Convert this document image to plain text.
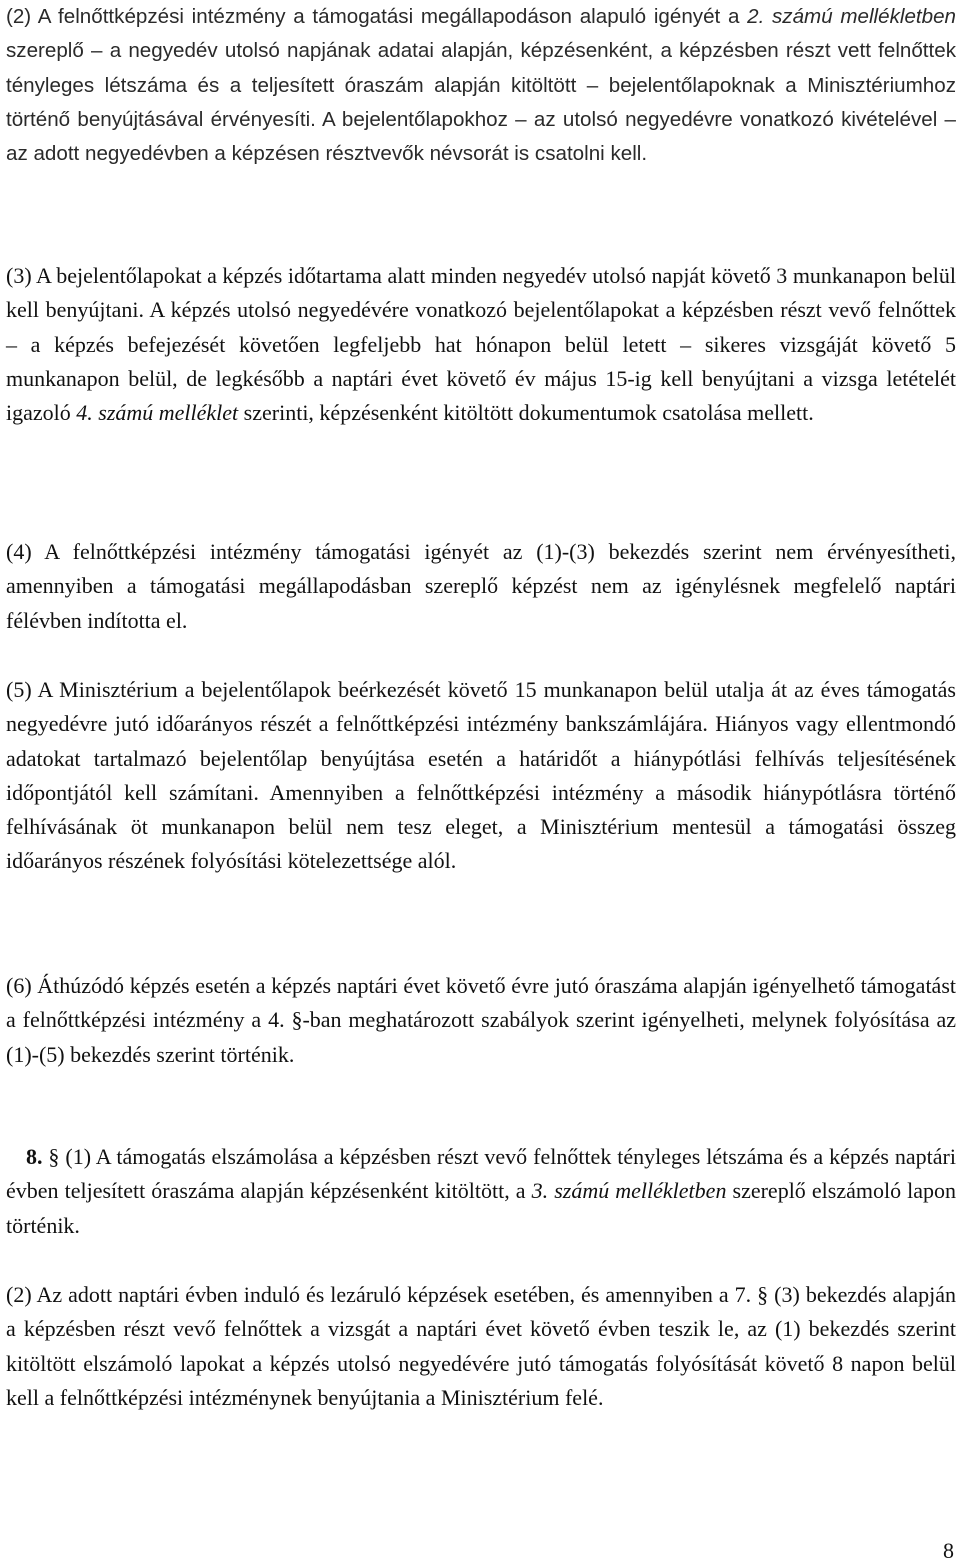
(2) A felnőttképzési intézmény a támogatási megállapodáson alapuló igényét a 2. számú mellékletben szereplő – a negyedév utolsó napjának adatai alapján, képzésenként, a képzésben részt vett felnőttek tényleges létszáma és a teljesített óraszám alapján kitöltött – bejelentőlapoknak a Minisztériumhoz történő benyújtásával érvényesíti. A bejelentőlapokhoz – az utolsó negyedévre vonatkozó kivételével – az adott negyedévben a képzésen résztvevők névsorát is csatolni kell.

(3) A bejelentőlapokat a képzés időtartama alatt minden negyedév utolsó napját követő 3 munkanapon belül kell benyújtani. A képzés utolsó negyedévére vonatkozó bejelentőlapokat a képzésben részt vevő felnőttek – a képzés befejezését követően legfeljebb hat hónapon belül letett – sikeres vizsgáját követő 5 munkanapon belül, de legkésőbb a naptári évet követő év május 15-ig kell benyújtani a vizsga letételét igazoló 4. számú melléklet szerinti, képzésenként kitöltött dokumentumok csatolása mellett.

(4) A felnőttképzési intézmény támogatási igényét az (1)-(3) bekezdés szerint nem érvényesítheti, amennyiben a támogatási megállapodásban szereplő képzést nem az igénylésnek megfelelő naptári félévben indította el.

(5) A Minisztérium a bejelentőlapok beérkezését követő 15 munkanapon belül utalja át az éves támogatás negyedévre jutó időarányos részét a felnőttképzési intézmény bankszámlájára. Hiányos vagy ellentmondó adatokat tartalmazó bejelentőlap benyújtása esetén a határidőt a hiánypótlási felhívás teljesítésének időpontjától kell számítani. Amennyiben a felnőttképzési intézmény a második hiánypótlásra történő felhívásának öt munkanapon belül nem tesz eleget, a Minisztérium mentesül a támogatási összeg időarányos részének folyósítási kötelezettsége alól.

(6) Áthúzódó képzés esetén a képzés naptári évet követő évre jutó óraszáma alapján igényelhető támogatást a felnőttképzési intézmény a 4. §-ban meghatározott szabályok szerint igényelheti, melynek folyósítása az (1)-(5) bekezdés szerint történik.

8. § (1) A támogatás elszámolása a képzésben részt vevő felnőttek tényleges létszáma és a képzés naptári évben teljesített óraszáma alapján képzésenként kitöltött, a 3. számú mellékletben szereplő elszámoló lapon történik.

(2) Az adott naptári évben induló és lezáruló képzések esetében, és amennyiben a 7. § (3) bekezdés alapján a képzésben részt vevő felnőttek a vizsgát a naptári évet követő évben teszik le, az (1) bekezdés szerint kitöltött elszámoló lapokat a képzés utolsó negyedévére jutó támogatás folyósítását követő 8 napon belül kell a felnőttképzési intézménynek benyújtania a Minisztérium felé.

8
